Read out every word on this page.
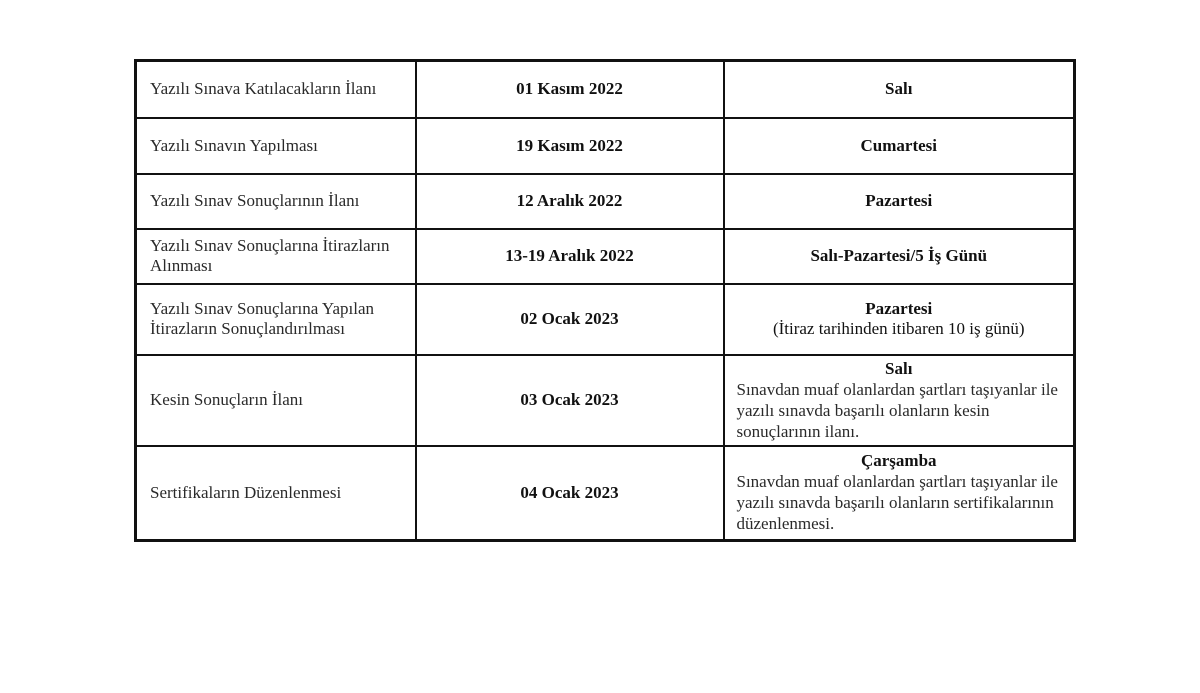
Yazılı Sınava Katılacakların İlanı	01 Kasım 2022	Salı

Yazılı Sınavın Yapılması	19 Kasım 2022	Cumartesi

Yazılı Sınav Sonuçlarının İlanı	12 Aralık 2022	Pazartesi

Yazılı Sınav Sonuçlarına İtirazların Alınması	13-19 Aralık 2022	Salı-Pazartesi/5 İş Günü

Yazılı Sınav Sonuçlarına Yapılan İtirazların Sonuçlandırılması	02 Ocak 2023	Pazartesi
(İtiraz tarihinden itibaren 10 iş günü)

Kesin Sonuçların İlanı	03 Ocak 2023	Salı
Sınavdan muaf olanlardan şartları taşıyanlar ile yazılı sınavda başarılı olanların kesin sonuçlarının ilanı.

Sertifikaların Düzenlenmesi	04 Ocak 2023	Çarşamba
Sınavdan muaf olanlardan şartları taşıyanlar ile yazılı sınavda başarılı olanların sertifikalarının düzenlenmesi.
